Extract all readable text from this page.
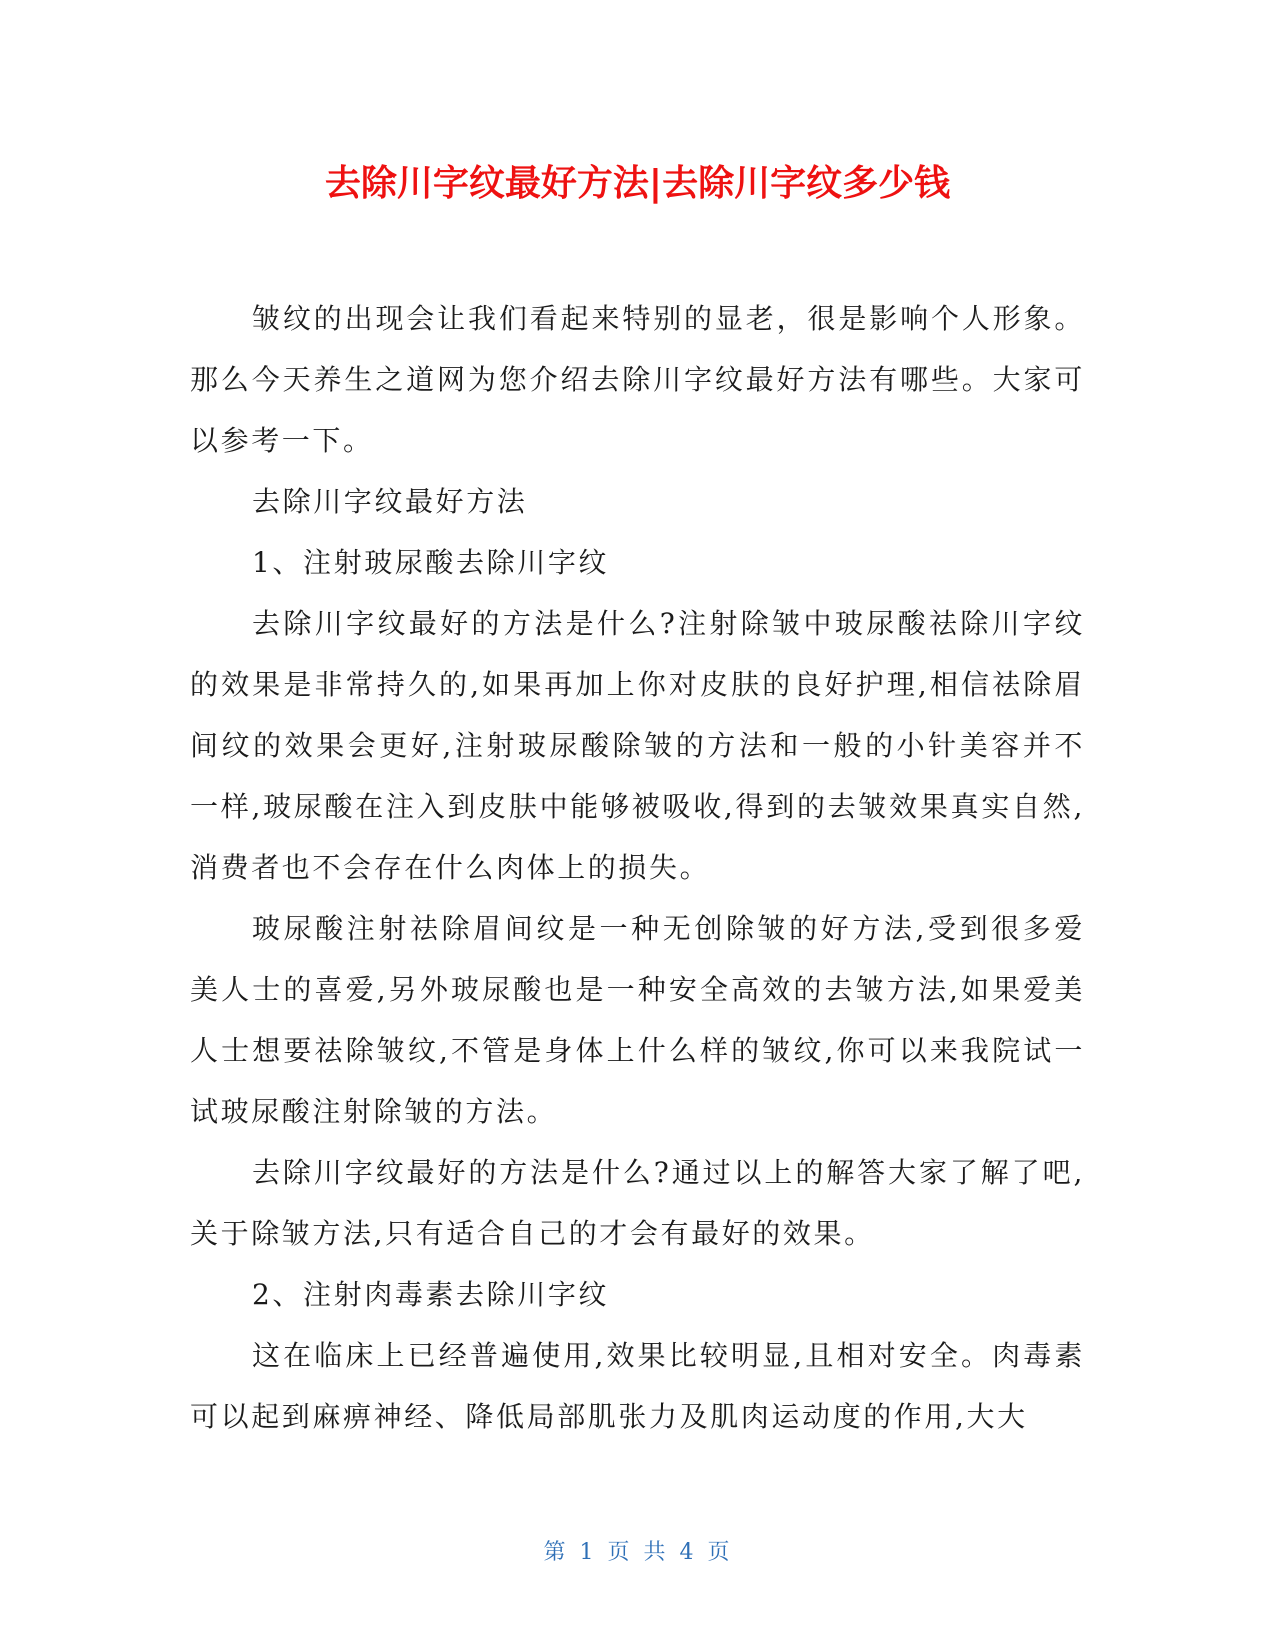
去除川字纹最好方法|去除川字纹多少钱

皱纹的出现会让我们看起来特别的显老，很是影响个人形象。那么今天养生之道网为您介绍去除川字纹最好方法有哪些。大家可以参考一下。

去除川字纹最好方法

1、注射玻尿酸去除川字纹

去除川字纹最好的方法是什么?注射除皱中玻尿酸祛除川字纹的效果是非常持久的,如果再加上你对皮肤的良好护理,相信祛除眉间纹的效果会更好,注射玻尿酸除皱的方法和一般的小针美容并不一样,玻尿酸在注入到皮肤中能够被吸收,得到的去皱效果真实自然,消费者也不会存在什么肉体上的损失。

玻尿酸注射祛除眉间纹是一种无创除皱的好方法,受到很多爱美人士的喜爱,另外玻尿酸也是一种安全高效的去皱方法,如果爱美人士想要祛除皱纹,不管是身体上什么样的皱纹,你可以来我院试一试玻尿酸注射除皱的方法。

去除川字纹最好的方法是什么?通过以上的解答大家了解了吧,关于除皱方法,只有适合自己的才会有最好的效果。

2、注射肉毒素去除川字纹

这在临床上已经普遍使用,效果比较明显,且相对安全。肉毒素可以起到麻痹神经、降低局部肌张力及肌肉运动度的作用,大大

第 1 页 共 4 页
